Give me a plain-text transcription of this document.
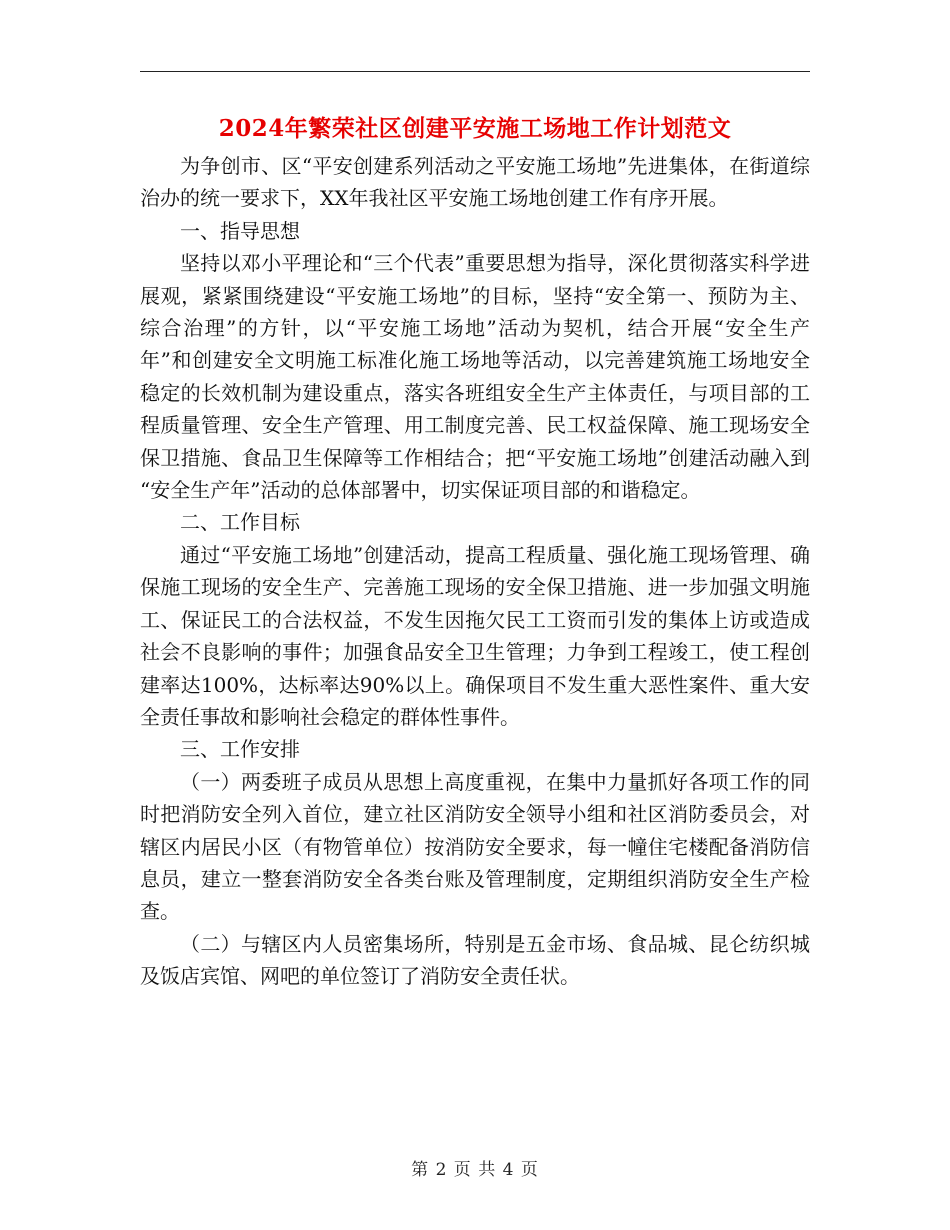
2024年繁荣社区创建平安施工场地工作计划范文

为争创市、区“平安创建系列活动之平安施工场地”先进集体，在街道综治办的统一要求下，XX年我社区平安施工场地创建工作有序开展。

一、指导思想

坚持以邓小平理论和“三个代表”重要思想为指导，深化贯彻落实科学进展观，紧紧围绕建设“平安施工场地”的目标，坚持“安全第一、预防为主、综合治理”的方针，以“平安施工场地”活动为契机，结合开展“安全生产年”和创建安全文明施工标准化施工场地等活动，以完善建筑施工场地安全稳定的长效机制为建设重点，落实各班组安全生产主体责任，与项目部的工程质量管理、安全生产管理、用工制度完善、民工权益保障、施工现场安全保卫措施、食品卫生保障等工作相结合；把“平安施工场地”创建活动融入到 “安全生产年”活动的总体部署中，切实保证项目部的和谐稳定。

二、工作目标

通过“平安施工场地”创建活动，提高工程质量、强化施工现场管理、确保施工现场的安全生产、完善施工现场的安全保卫措施、进一步加强文明施工、保证民工的合法权益，不发生因拖欠民工工资而引发的集体上访或造成社会不良影响的事件；加强食品安全卫生管理；力争到工程竣工，使工程创建率达100%，达标率达90%以上。确保项目不发生重大恶性案件、重大安全责任事故和影响社会稳定的群体性事件。

三、工作安排

（一）两委班子成员从思想上高度重视，在集中力量抓好各项工作的同时把消防安全列入首位，建立社区消防安全领导小组和社区消防委员会，对辖区内居民小区（有物管单位）按消防安全要求，每一幢住宅楼配备消防信息员，建立一整套消防安全各类台账及管理制度，定期组织消防安全生产检查。

（二）与辖区内人员密集场所，特别是五金市场、食品城、昆仑纺织城及饭店宾馆、网吧的单位签订了消防安全责任状。

第 2 页 共 4 页
